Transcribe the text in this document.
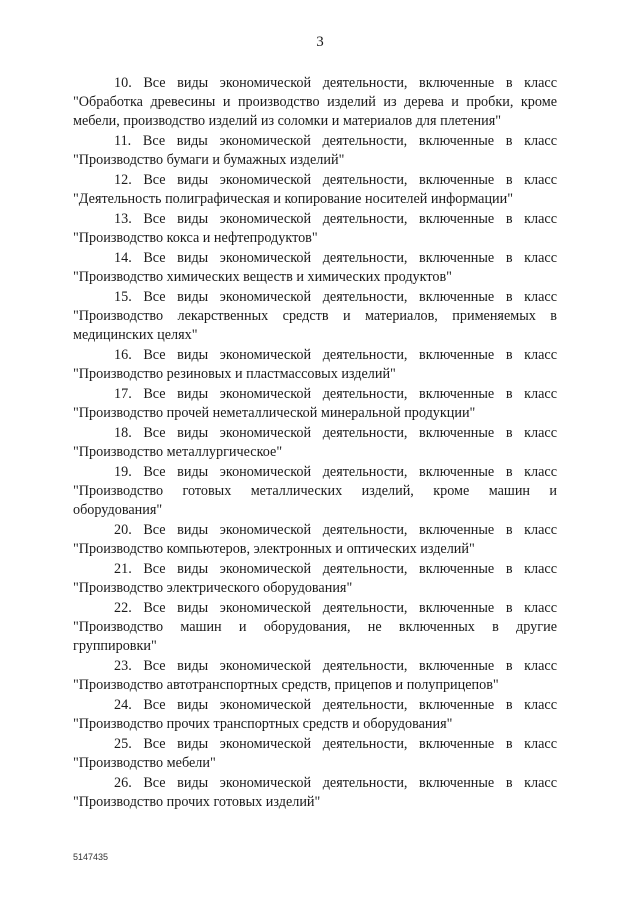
3
10. Все виды экономической деятельности, включенные в класс
"Обработка древесины и производство изделий из дерева и пробки, кроме
мебели, производство изделий из соломки и материалов для плетения"
11. Все виды экономической деятельности, включенные в класс
"Производство бумаги и бумажных изделий"
12. Все виды экономической деятельности, включенные в класс
"Деятельность полиграфическая и копирование носителей информации"
13. Все виды экономической деятельности, включенные в класс
"Производство кокса и нефтепродуктов"
14. Все виды экономической деятельности, включенные в класс
"Производство химических веществ и химических продуктов"
15. Все виды экономической деятельности, включенные в класс
"Производство лекарственных средств и материалов, применяемых в
медицинских целях"
16. Все виды экономической деятельности, включенные в класс
"Производство резиновых и пластмассовых изделий"
17. Все виды экономической деятельности, включенные в класс
"Производство прочей неметаллической минеральной продукции"
18. Все виды экономической деятельности, включенные в класс
"Производство металлургическое"
19. Все виды экономической деятельности, включенные в класс
"Производство готовых металлических изделий, кроме машин и
оборудования"
20. Все виды экономической деятельности, включенные в класс
"Производство компьютеров, электронных и оптических изделий"
21. Все виды экономической деятельности, включенные в класс
"Производство электрического оборудования"
22. Все виды экономической деятельности, включенные в класс
"Производство машин и оборудования, не включенных в другие
группировки"
23. Все виды экономической деятельности, включенные в класс
"Производство автотранспортных средств, прицепов и полуприцепов"
24. Все виды экономической деятельности, включенные в класс
"Производство прочих транспортных средств и оборудования"
25. Все виды экономической деятельности, включенные в класс
"Производство мебели"
26. Все виды экономической деятельности, включенные в класс
"Производство прочих готовых изделий"
5147435
